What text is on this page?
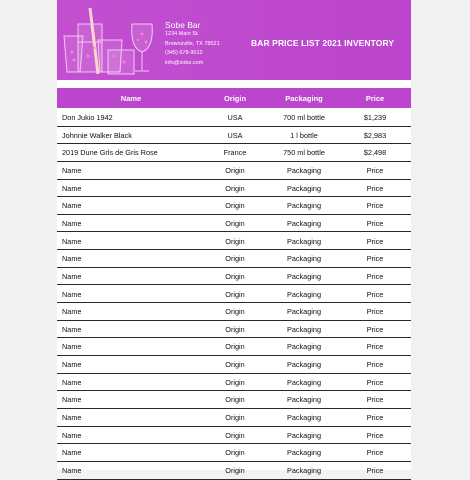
Sobe Bar
1234 Main St.
Brownsville, TX 78521
(345) 678-9012
info@sobe.com
BAR PRICE LIST 2021 INVENTORY
Name	Origin	Packaging	Price
Don Jukio 1942	USA	700 ml bottle	$1,239
Johnnie Walker Black	USA	1 l bottle	$2,983
2019 Dune Grls de Gris Rose	France	750 ml bottle	$2,498
Name	Origin	Packaging	Price
Name	Origin	Packaging	Price
Name	Origin	Packaging	Price
Name	Origin	Packaging	Price
Name	Origin	Packaging	Price
Name	Origin	Packaging	Price
Name	Origin	Packaging	Price
Name	Origin	Packaging	Price
Name	Origin	Packaging	Price
Name	Origin	Packaging	Price
Name	Origin	Packaging	Price
Name	Origin	Packaging	Price
Name	Origin	Packaging	Price
Name	Origin	Packaging	Price
Name	Origin	Packaging	Price
Name	Origin	Packaging	Price
Name	Origin	Packaging	Price
Name	Origin	Packaging	Price
